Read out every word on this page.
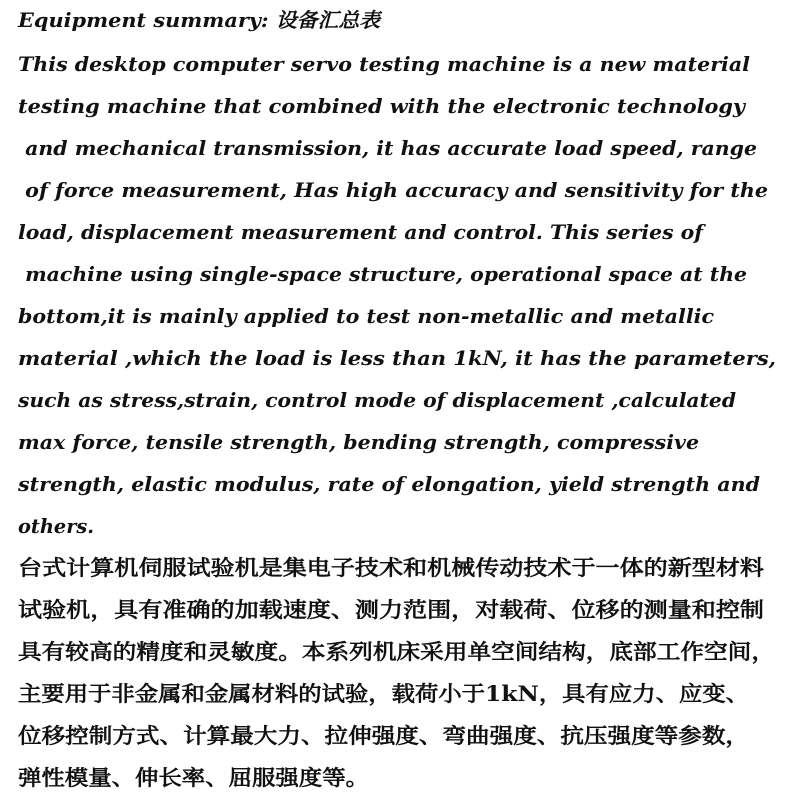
Equipment summary: 设备汇总表
This desktop computer servo testing machine is a new material
testing machine that combined with the electronic technology
and mechanical transmission, it has accurate load speed, range
of force measurement, Has high accuracy and sensitivity for the
load, displacement measurement and control. This series of
machine using single-space structure, operational space at the
bottom,it is mainly applied to test non-metallic and metallic
material ,which the load is less than 1kN, it has the parameters,
such as stress,strain, control mode of displacement ,calculated
max force, tensile strength, bending strength, compressive
strength, elastic modulus, rate of elongation, yield strength and
others.
台式计算机伺服试验机是集电子技术和机械传动技术于一体的新型材料
试验机，具有准确的加载速度、测力范围，对载荷、位移的测量和控制
具有较高的精度和灵敏度。本系列机床采用单空间结构，底部工作空间，
主要用于非金属和金属材料的试验，载荷小于1kN，具有应力、应变、
位移控制方式、计算最大力、拉伸强度、弯曲强度、抗压强度等参数，
弹性模量、伸长率、屈服强度等。
